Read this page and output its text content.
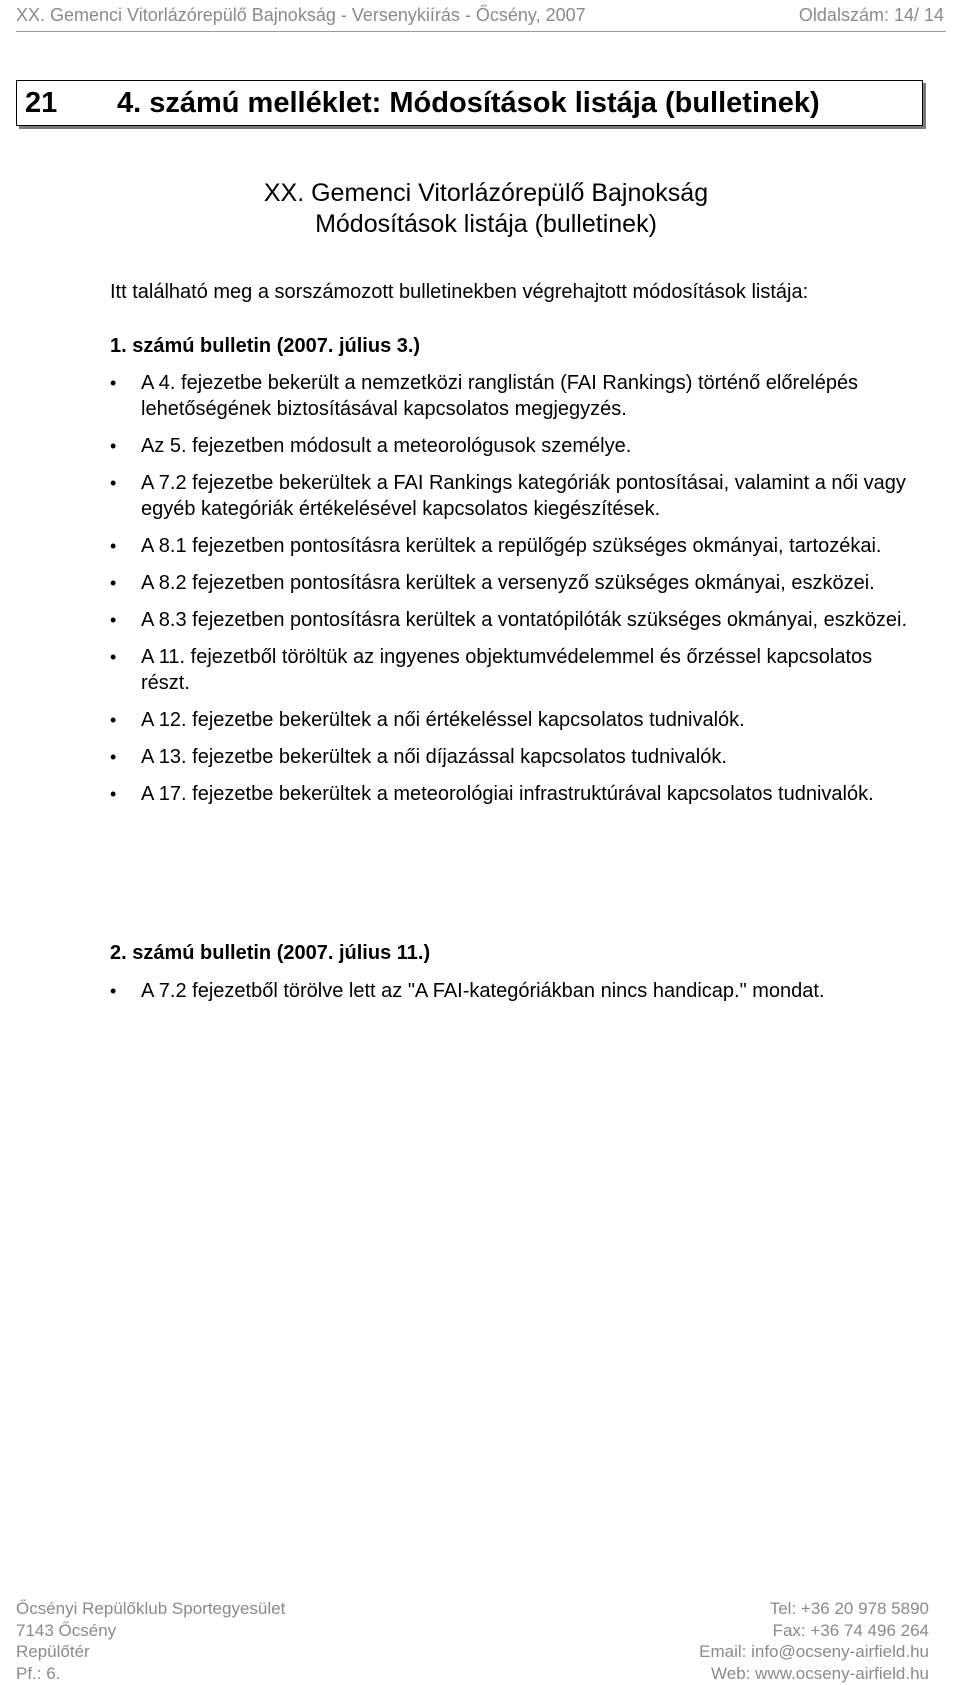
XX. Gemenci Vitorlázórepülő Bajnokság - Versenykiírás - Őcsény, 2007	Oldalszám: 14/ 14
21	4. számú melléklet: Módosítások listája (bulletinek)
XX. Gemenci Vitorlázórepülő Bajnokság
Módosítások listája (bulletinek)
Itt található meg a sorszámozott bulletinekben végrehajtott módosítások listája:
1. számú bulletin (2007. július 3.)
• A 4. fejezetbe bekerült a nemzetközi ranglistán (FAI Rankings) történő előrelépés lehetőségének biztosításával kapcsolatos megjegyzés.
• Az 5. fejezetben módosult a meteorológusok személye.
• A 7.2 fejezetbe bekerültek a FAI Rankings kategóriák pontosításai, valamint a női vagy egyéb kategóriák értékelésével kapcsolatos kiegészítések.
• A 8.1 fejezetben pontosításra kerültek a repülőgép szükséges okmányai, tartozékai.
• A 8.2 fejezetben pontosításra kerültek a versenyző szükséges okmányai, eszközei.
• A 8.3 fejezetben pontosításra kerültek a vontatópilóták szükséges okmányai, eszközei.
• A 11. fejezetből töröltük az ingyenes objektumvédelemmel és őrzéssel kapcsolatos részt.
• A 12. fejezetbe bekerültek a női értékeléssel kapcsolatos tudnivalók.
• A 13. fejezetbe bekerültek a női díjazással kapcsolatos tudnivalók.
• A 17. fejezetbe bekerültek a meteorológiai infrastruktúrával kapcsolatos tudnivalók.
2. számú bulletin (2007. július 11.)
• A 7.2 fejezetből törölve lett az "A FAI-kategóriákban nincs handicap." mondat.
Őcsényi Repülőklub Sportegyesület
7143 Őcsény
Repülőtér
Pf.: 6.
Tel: +36 20 978 5890
Fax: +36 74 496 264
Email: info@ocseny-airfield.hu
Web: www.ocseny-airfield.hu
